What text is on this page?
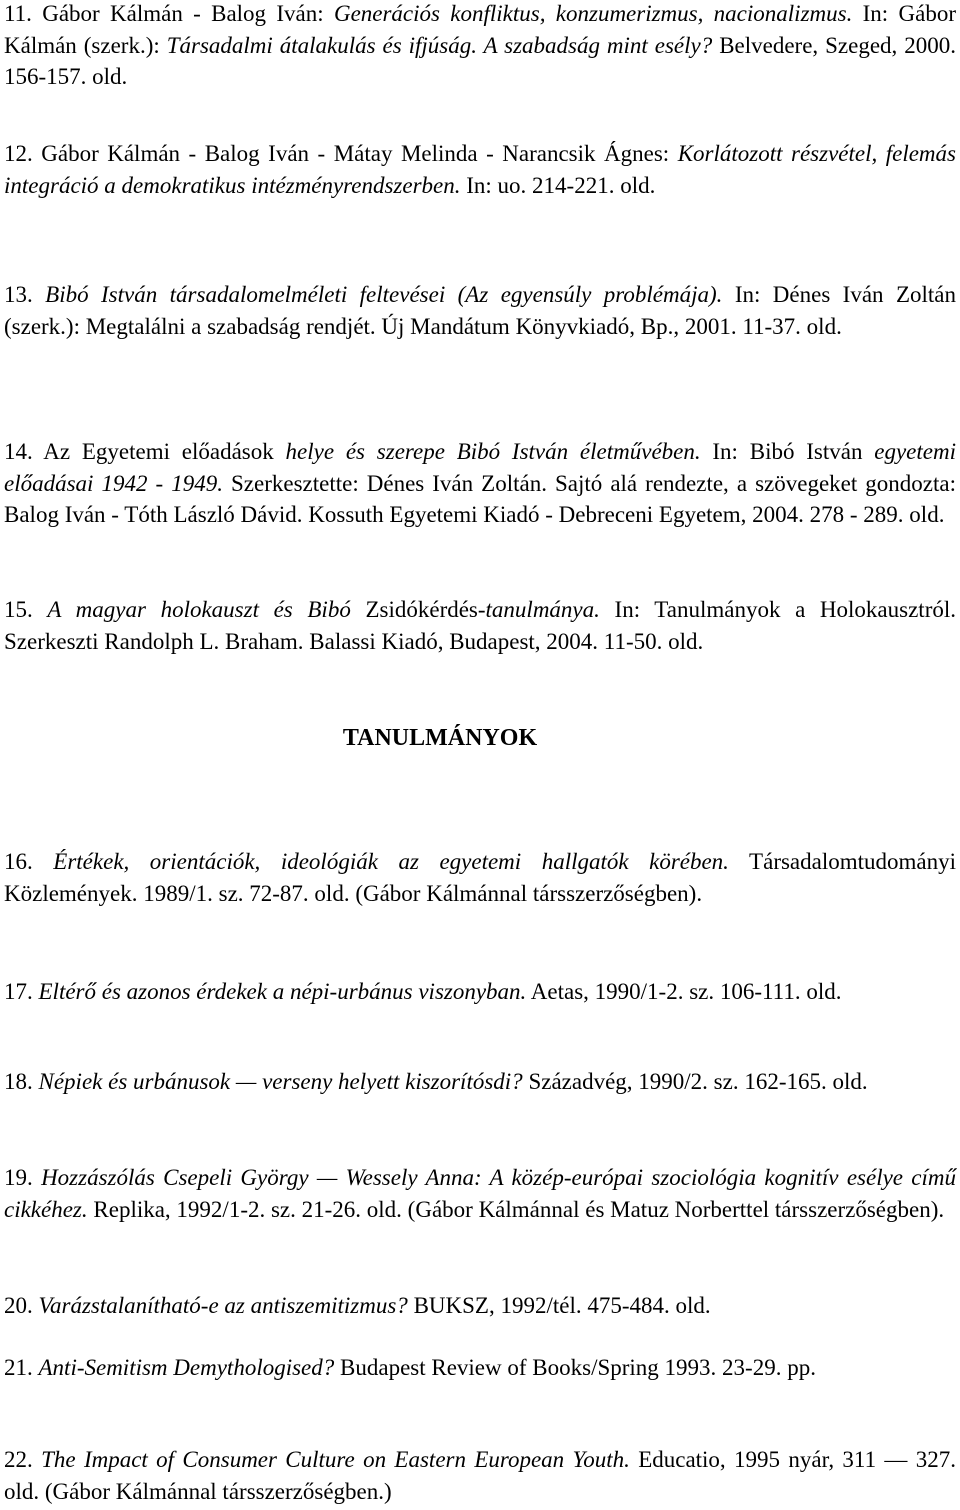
11. Gábor Kálmán - Balog Iván: Generációs konfliktus, konzumerizmus, nacionalizmus. In: Gábor Kálmán (szerk.): Társadalmi átalakulás és ifjúság. A szabadság mint esély? Belvedere, Szeged, 2000. 156-157. old.

12. Gábor Kálmán - Balog Iván - Mátay Melinda - Narancsik Ágnes: Korlátozott részvétel, felemás integráció a demokratikus intézményrendszerben. In: uo. 214-221. old.

13. Bibó István társadalomelméleti feltevései (Az egyensúly problémája). In: Dénes Iván Zoltán (szerk.): Megtalálni a szabadság rendjét. Új Mandátum Könyvkiadó, Bp., 2001. 11-37. old.

14. Az Egyetemi előadások helye és szerepe Bibó István életművében. In: Bibó István egyetemi előadásai 1942 - 1949. Szerkesztette: Dénes Iván Zoltán. Sajtó alá rendezte, a szövegeket gondozta: Balog Iván - Tóth László Dávid. Kossuth Egyetemi Kiadó - Debreceni Egyetem, 2004. 278 - 289. old.

15. A magyar holokauszt és Bibó Zsidókérdés-tanulmánya. In: Tanulmányok a Holokausztról. Szerkeszti Randolph L. Braham. Balassi Kiadó, Budapest, 2004. 11-50. old.

TANULMÁNYOK

16. Értékek, orientációk, ideológiák az egyetemi hallgatók körében. Társadalomtudományi Közlemények. 1989/1. sz. 72-87. old. (Gábor Kálmánnal társszerzőségben).

17. Eltérő és azonos érdekek a népi-urbánus viszonyban. Aetas, 1990/1-2. sz. 106-111. old.

18. Népiek és urbánusok — verseny helyett kiszorítósdi? Századvég, 1990/2. sz. 162-165. old.

19. Hozzászólás Csepeli György — Wessely Anna: A közép-európai szociológia kognitív esélye című cikkéhez. Replika, 1992/1-2. sz. 21-26. old. (Gábor Kálmánnal és Matuz Norberttel társszerzőségben).

20. Varázstalanítható-e az antiszemitizmus? BUKSZ, 1992/tél. 475-484. old.

21. Anti-Semitism Demythologised? Budapest Review of Books/Spring 1993. 23-29. pp.

22. The Impact of Consumer Culture on Eastern European Youth. Educatio, 1995 nyár, 311 — 327. old. (Gábor Kálmánnal társszerzőségben.)
